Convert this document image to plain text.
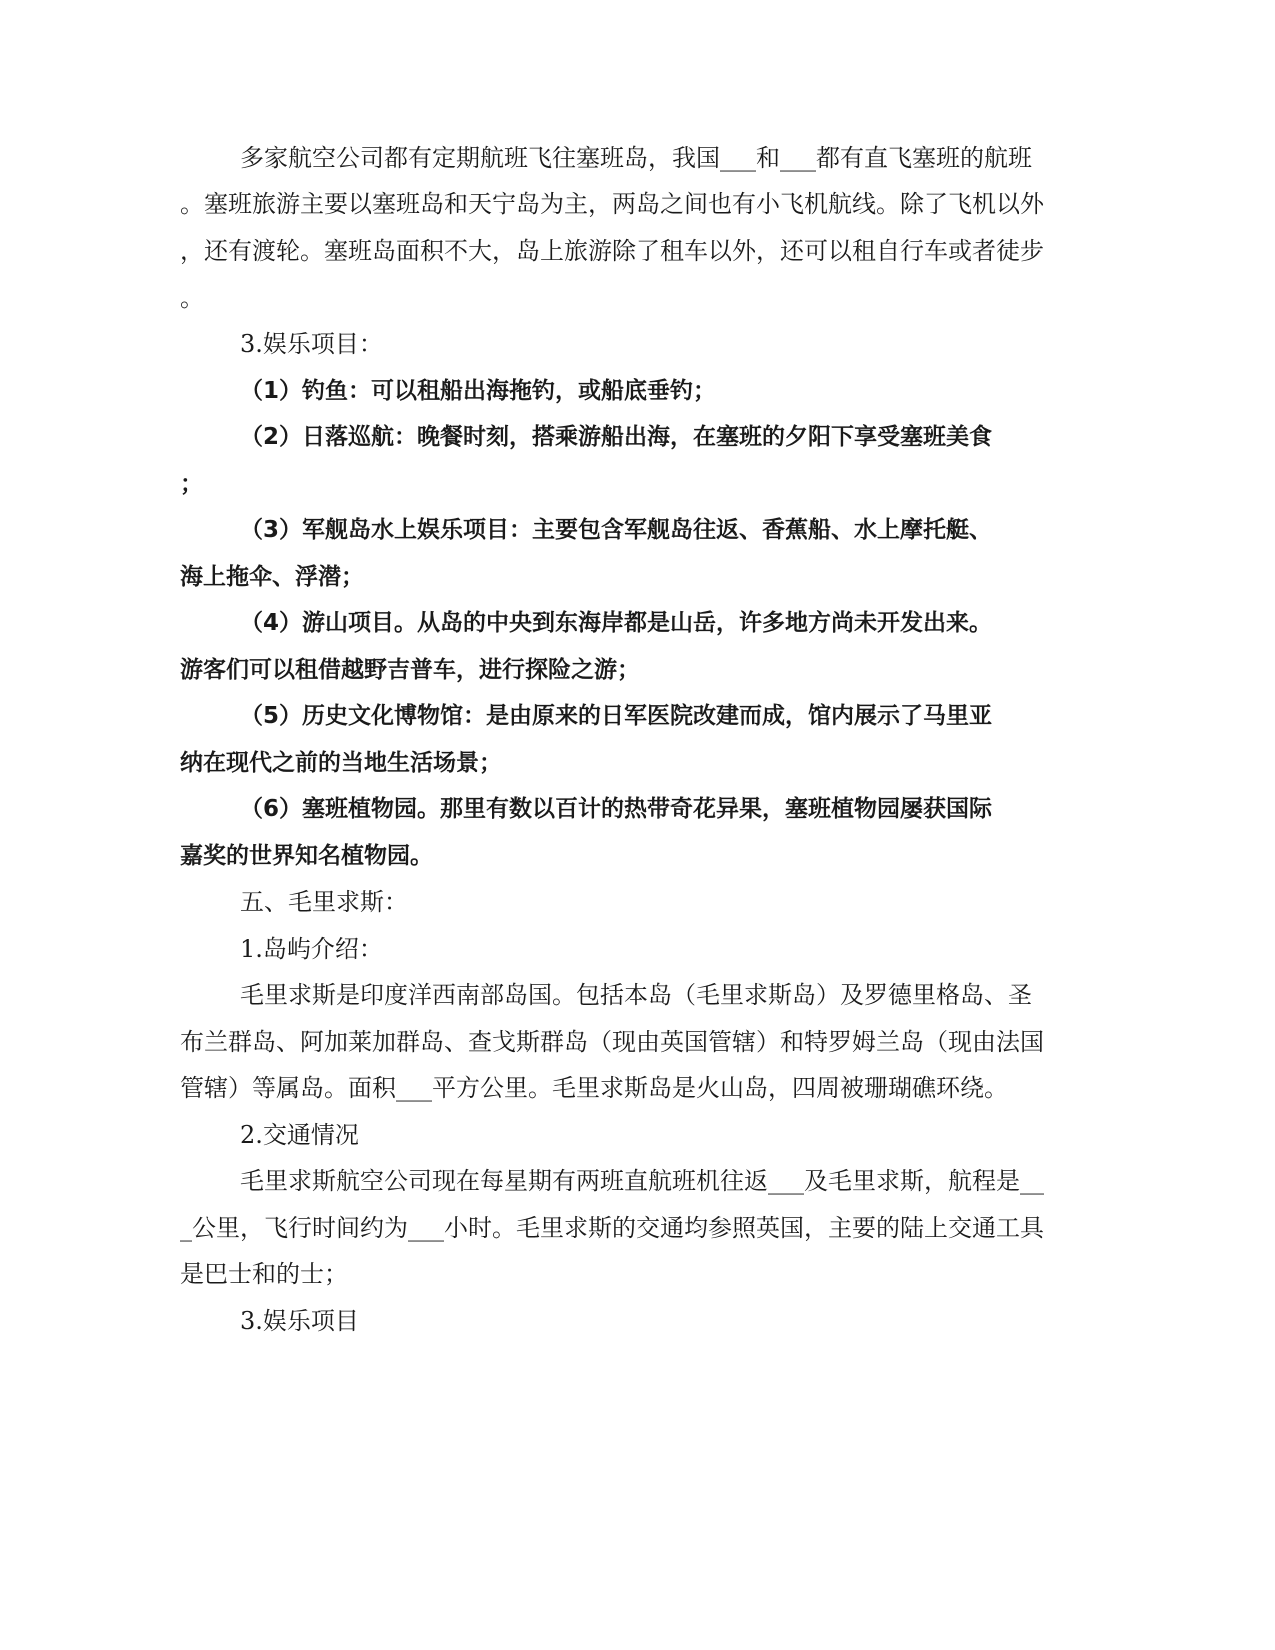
多家航空公司都有定期航班飞往塞班岛，我国___和___都有直飞塞班的航班
。塞班旅游主要以塞班岛和天宁岛为主，两岛之间也有小飞机航线。除了飞机以外
，还有渡轮。塞班岛面积不大，岛上旅游除了租车以外，还可以租自行车或者徒步
。
3.娱乐项目：
（1）钓鱼：可以租船出海拖钓，或船底垂钓；
（2）日落巡航：晚餐时刻，搭乘游船出海，在塞班的夕阳下享受塞班美食
；
（3）军舰岛水上娱乐项目：主要包含军舰岛往返、香蕉船、水上摩托艇、
海上拖伞、浮潜；
（4）游山项目。从岛的中央到东海岸都是山岳，许多地方尚未开发出来。
游客们可以租借越野吉普车，进行探险之游；
（5）历史文化博物馆：是由原来的日军医院改建而成，馆内展示了马里亚
纳在现代之前的当地生活场景；
（6）塞班植物园。那里有数以百计的热带奇花异果，塞班植物园屡获国际
嘉奖的世界知名植物园。
五、毛里求斯：
1.岛屿介绍：
毛里求斯是印度洋西南部岛国。包括本岛（毛里求斯岛）及罗德里格岛、圣
布兰群岛、阿加莱加群岛、查戈斯群岛（现由英国管辖）和特罗姆兰岛（现由法国
管辖）等属岛。面积___平方公里。毛里求斯岛是火山岛，四周被珊瑚礁环绕。
2.交通情况
毛里求斯航空公司现在每星期有两班直航班机往返___及毛里求斯，航程是__
_公里，飞行时间约为___小时。毛里求斯的交通均参照英国，主要的陆上交通工具
是巴士和的士；
3.娱乐项目
